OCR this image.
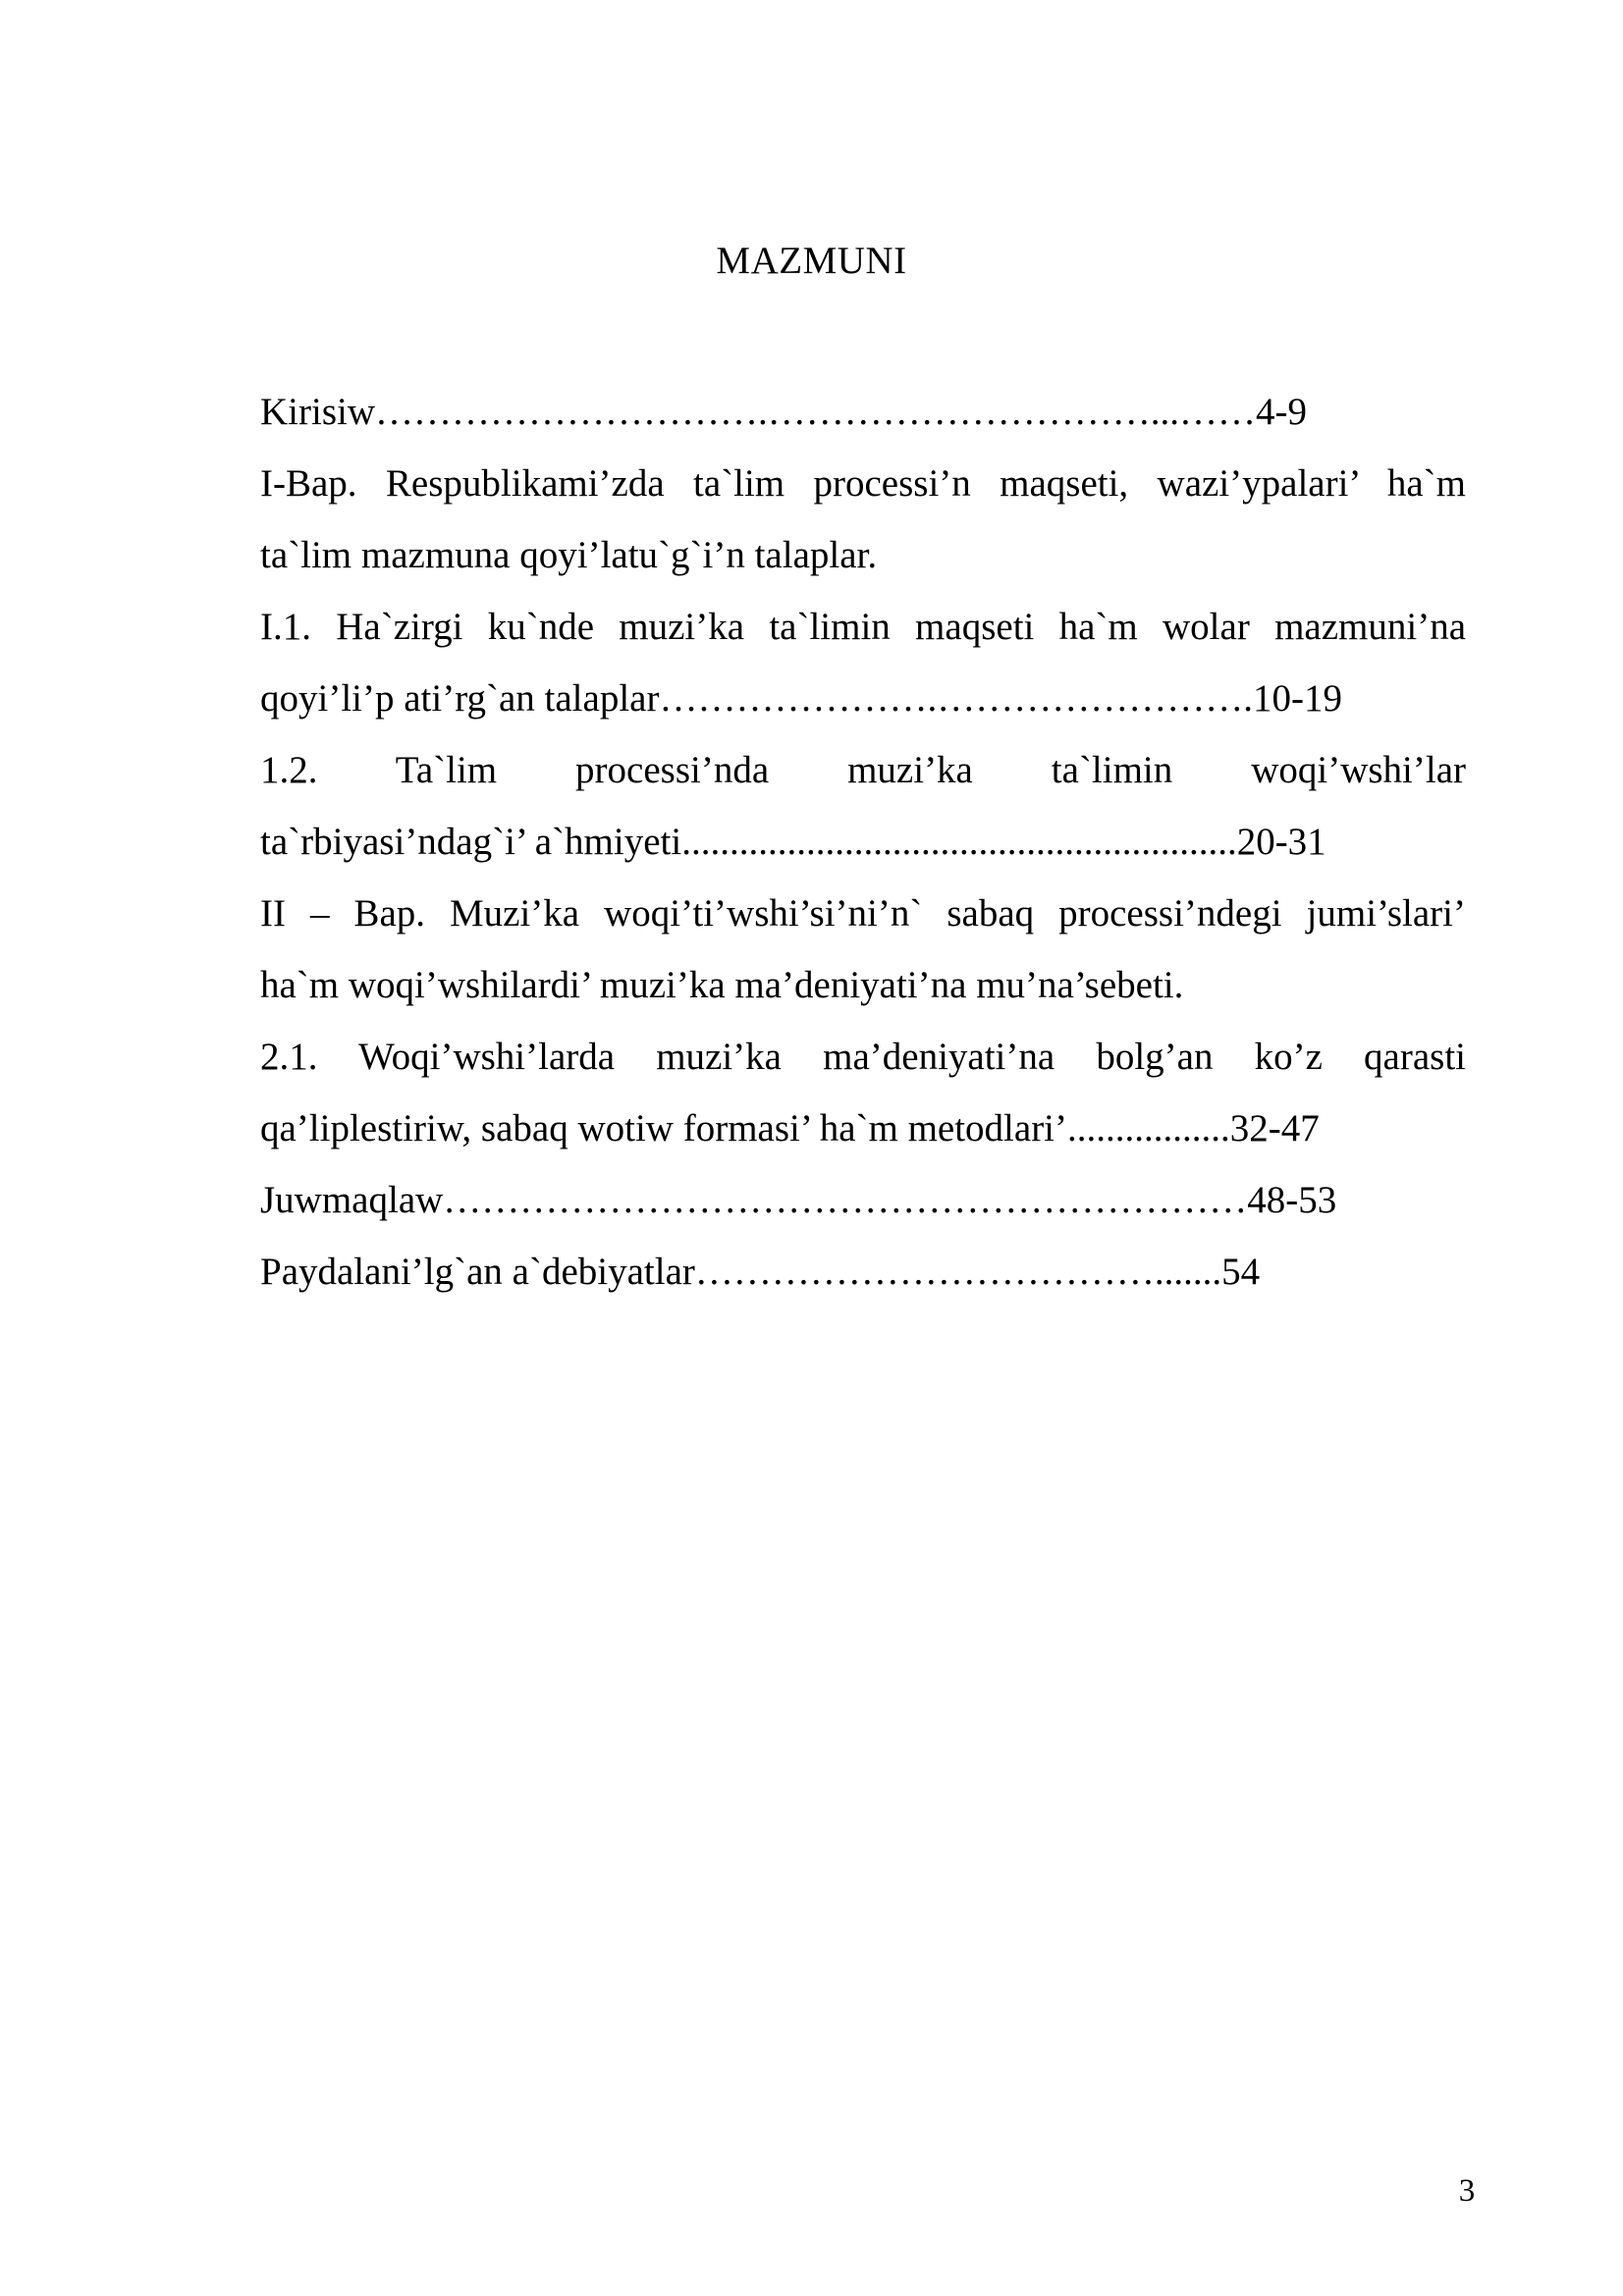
MAZMUNI
Kirisiw………………………….…………………………...……4-9
I-Bap. Respublikami’zda ta`lim processi’n maqseti, wazi’ypalari’ ha`m
ta`lim mazmuna qoyi’latu`g`i’n talaplar.
I.1. Ha`zirgi ku`nde muzi’ka ta`limin maqseti ha`m wolar mazmuni’na
qoyi’li’p ati’rg`an talaplar………………….…………………….10-19
1.2. Ta`lim processi’nda muzi’ka ta`limin woqi’wshi’lar
ta`rbiyasi’ndag`i’ a`hmiyeti..........................................................20-31
II – Bap. Muzi’ka woqi’ti’wshi’si’ni’n` sabaq processi’ndegi jumi’slari’
ha`m woqi’wshilardi’ muzi’ka ma’deniyati’na mu’na’sebeti.
2.1. Woqi’wshi’larda muzi’ka ma’deniyati’na bolg’an ko’z qarasti
qa’liplestiriw, sabaq wotiw formasi’ ha`m metodlari’.................32-47
Juwmaqlaw………………………………………………………48-53
Paydalani’lg`an a`debiyatlar……………………………….......54
3
